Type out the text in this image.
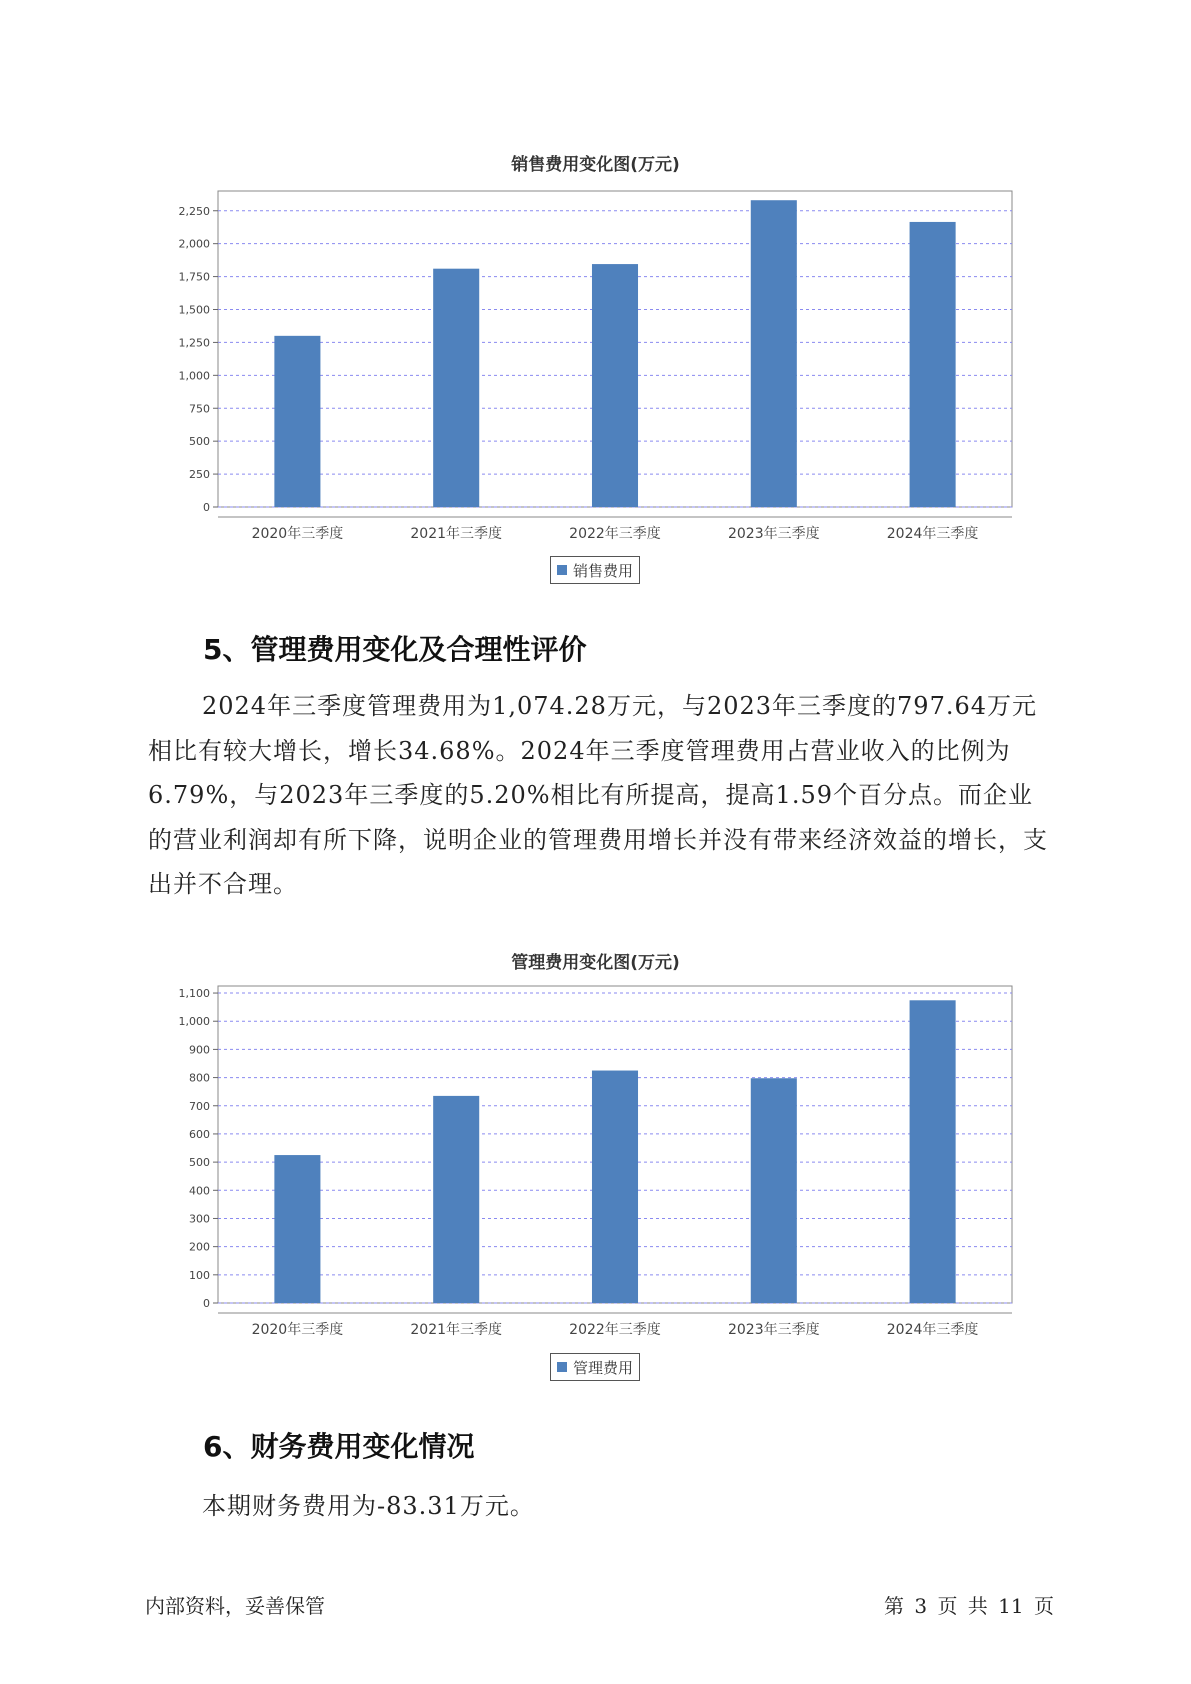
销售费用变化图(万元)
0
250
500
750
1,000
1,250
1,500
1,750
2,000
2,250
2020年三季度	2021年三季度	2022年三季度	2023年三季度	2024年三季度
销售费用
5、管理费用变化及合理性评价
2024年三季度管理费用为1,074.28万元，与2023年三季度的797.64万元相比有较大增长，增长34.68%。2024年三季度管理费用占营业收入的比例为6.79%，与2023年三季度的5.20%相比有所提高，提高1.59个百分点。而企业的营业利润却有所下降，说明企业的管理费用增长并没有带来经济效益的增长，支出并不合理。
管理费用变化图(万元)
0
100
200
300
400
500
600
700
800
900
1,000
1,100
2020年三季度	2021年三季度	2022年三季度	2023年三季度	2024年三季度
管理费用
6、财务费用变化情况
本期财务费用为-83.31万元。
内部资料，妥善保管	第 3 页 共 11 页
